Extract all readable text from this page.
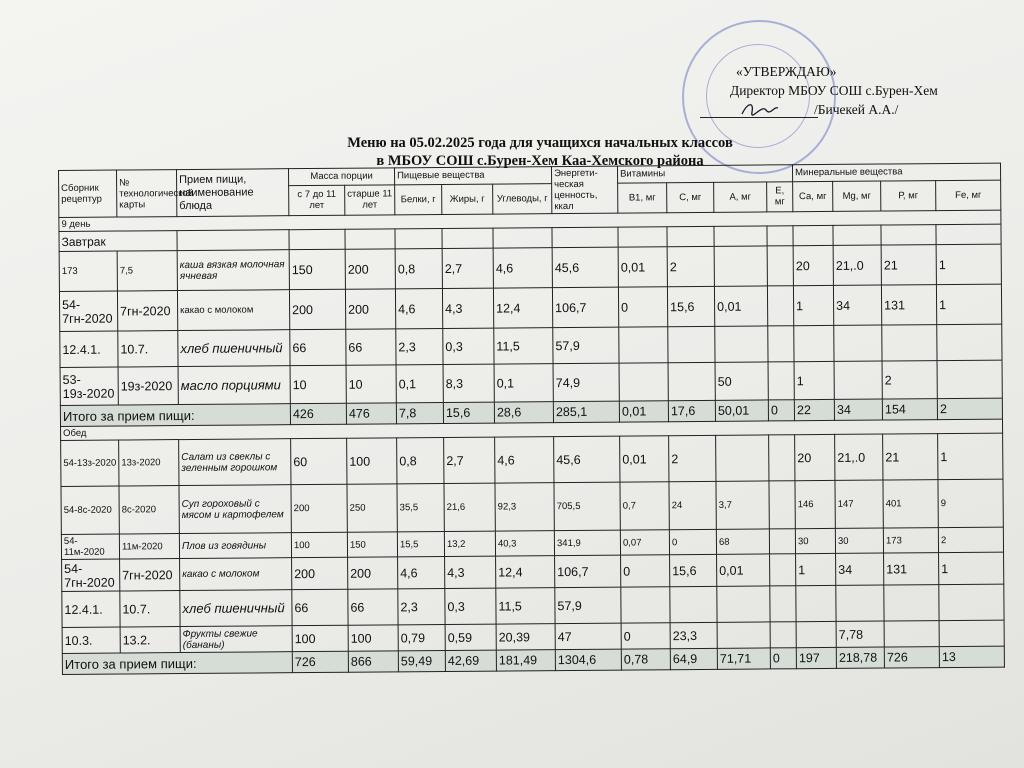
«УТВЕРЖДАЮ»
Директор МБОУ СОШ с.Бурен-Хем
/Бичекей А.А./
Меню на 05.02.2025 года для учащихся начальных классов
в МБОУ СОШ с.Бурен-Хем Каа-Хемского района
Сборник рецептур	№ технологической карты	Прием пищи, наименование блюда	Масса порции		Пищевые вещества			Энергети-ческая ценность, ккал	Витамины				Минеральные вещества			
			с 7 до 11 лет	старше 11 лет	Белки, г	Жиры, г	Углеводы, г		В1, мг	С, мг	А, мг	Е, мг	Са, мг	Mg, мг	Р, мг	Fe, мг
9 день																
Завтрак																
173	7,5	каша вязкая молочная ячневая	150	200	0,8	2,7	4,6	45,6	0,01	2			20	21,.0	21	1
54-7гн-2020	7гн-2020	какао с молоком	200	200	4,6	4,3	12,4	106,7	0	15,6	0,01		1	34	131	1
12.4.1.	10.7.	хлеб пшеничный	66	66	2,3	0,3	11,5	57,9								
53-19з-2020	19з-2020	масло порциями	10	10	0,1	8,3	0,1	74,9			50		1		2	
Итого за прием пищи:			426	476	7,8	15,6	28,6	285,1	0,01	17,6	50,01	0	22	34	154	2
Обед																
54-13з-2020	13з-2020	Салат из свеклы с зеленным горошком	60	100	0,8	2,7	4,6	45,6	0,01	2			20	21,.0	21	1
54-8с-2020	8с-2020	Суп гороховый с мясом и картофелем	200	250	35,5	21,6	92,3	705,5	0,7	24	3,7		146	147	401	9
54-11м-2020	11м-2020	Плов из говядины	100	150	15,5	13,2	40,3	341,9	0,07	0	68		30	30	173	2
54-7гн-2020	7гн-2020	какао с молоком	200	200	4,6	4,3	12,4	106,7	0	15,6	0,01		1	34	131	1
12.4.1.	10.7.	хлеб пшеничный	66	66	2,3	0,3	11,5	57,9								
10.3.	13.2.	Фрукты свежие (бананы)	100	100	0,79	0,59	20,39	47	0	23,3				7,78		
Итого за прием пищи:			726	866	59,49	42,69	181,49	1304,6	0,78	64,9	71,71	0	197	218,78	726	13
